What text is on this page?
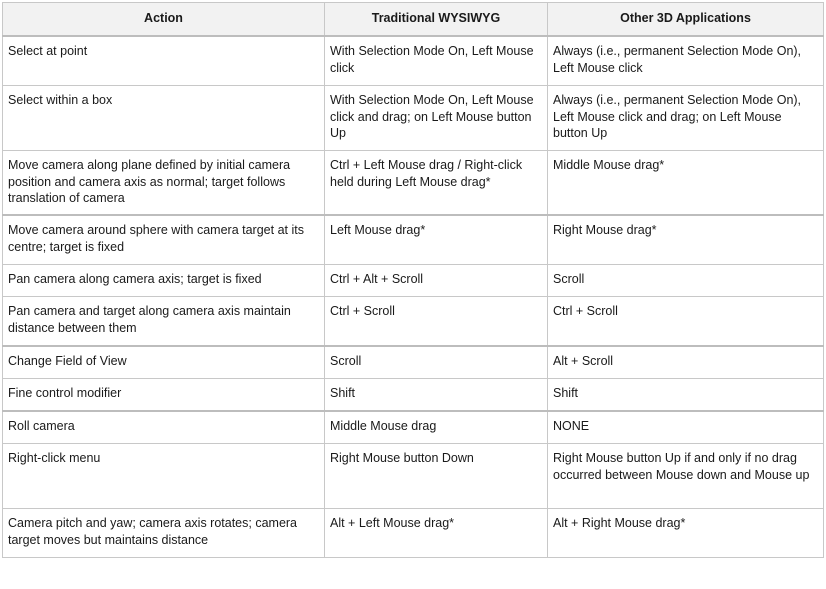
Action	Traditional WYSIWYG	Other 3D Applications
Select at point	With Selection Mode On, Left Mouse click	Always (i.e., permanent Selection Mode On), Left Mouse click
Select within a box	With Selection Mode On, Left Mouse click and drag; on Left Mouse button Up	Always (i.e., permanent Selection Mode On), Left Mouse click and drag; on Left Mouse button Up
Move camera along plane defined by initial camera position and camera axis as normal; target follows translation of camera	Ctrl + Left Mouse drag / Right-click held during Left Mouse drag*	Middle Mouse drag*
Move camera around sphere with camera target at its centre; target is fixed	Left Mouse drag*	Right Mouse drag*
Pan camera along camera axis; target is fixed	Ctrl + Alt + Scroll	Scroll
Pan camera and target along camera axis maintain distance between them	Ctrl + Scroll	Ctrl + Scroll
Change Field of View	Scroll	Alt + Scroll
Fine control modifier	Shift	Shift
Roll camera	Middle Mouse drag	NONE
Right-click menu	Right Mouse button Down	Right Mouse button Up if and only if no drag occurred between Mouse down and Mouse up
Camera pitch and yaw; camera axis rotates; camera target moves but maintains distance	Alt + Left Mouse drag*	Alt + Right Mouse drag*
